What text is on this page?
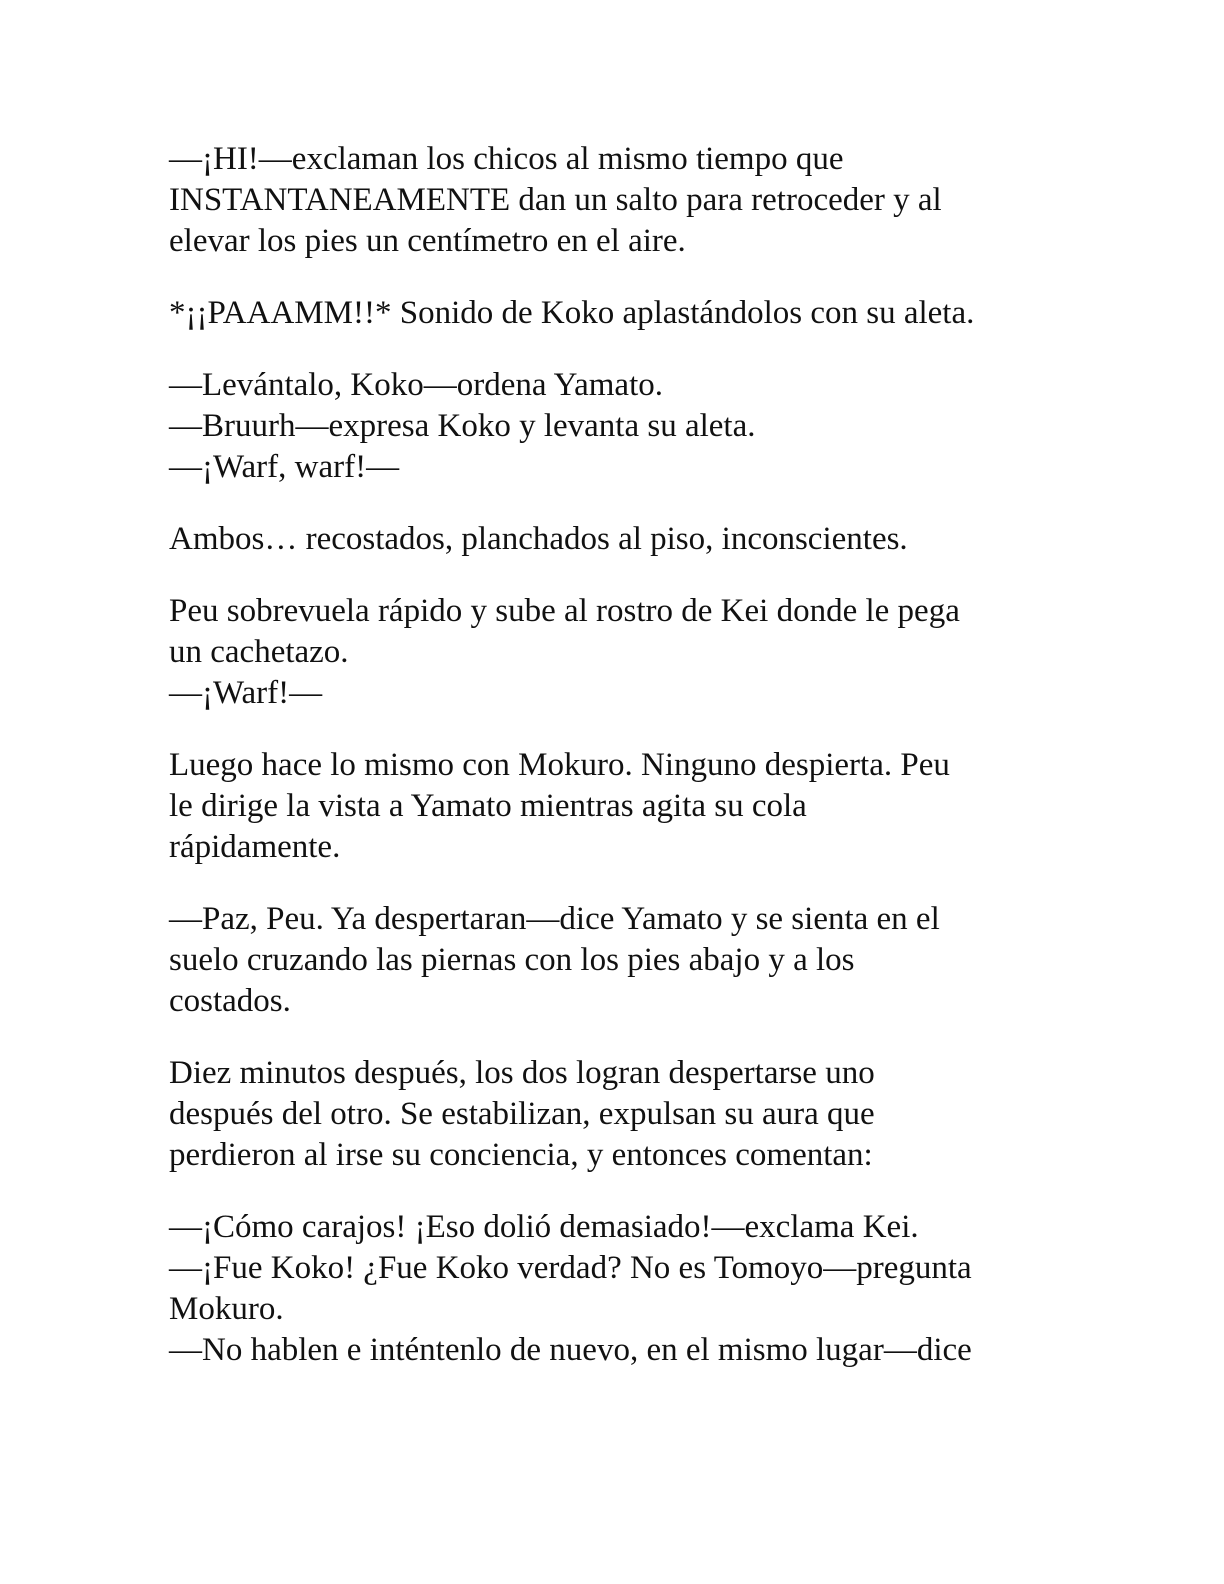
—¡HI!—exclaman los chicos al mismo tiempo que
INSTANTANEAMENTE dan un salto para retroceder y al
elevar los pies un centímetro en el aire.

*¡¡PAAAMM!!* Sonido de Koko aplastándolos con su aleta.

—Levántalo, Koko—ordena Yamato.
—Bruurh—expresa Koko y levanta su aleta.
—¡Warf, warf!—

Ambos… recostados, planchados al piso, inconscientes.

Peu sobrevuela rápido y sube al rostro de Kei donde le pega
un cachetazo.
—¡Warf!—

Luego hace lo mismo con Mokuro. Ninguno despierta. Peu
le dirige la vista a Yamato mientras agita su cola
rápidamente.

—Paz, Peu. Ya despertaran—dice Yamato y se sienta en el
suelo cruzando las piernas con los pies abajo y a los
costados.

Diez minutos después, los dos logran despertarse uno
después del otro. Se estabilizan, expulsan su aura que
perdieron al irse su conciencia, y entonces comentan:

—¡Cómo carajos! ¡Eso dolió demasiado!—exclama Kei.
—¡Fue Koko! ¿Fue Koko verdad? No es Tomoyo—pregunta
Mokuro.
—No hablen e inténtenlo de nuevo, en el mismo lugar—dice
